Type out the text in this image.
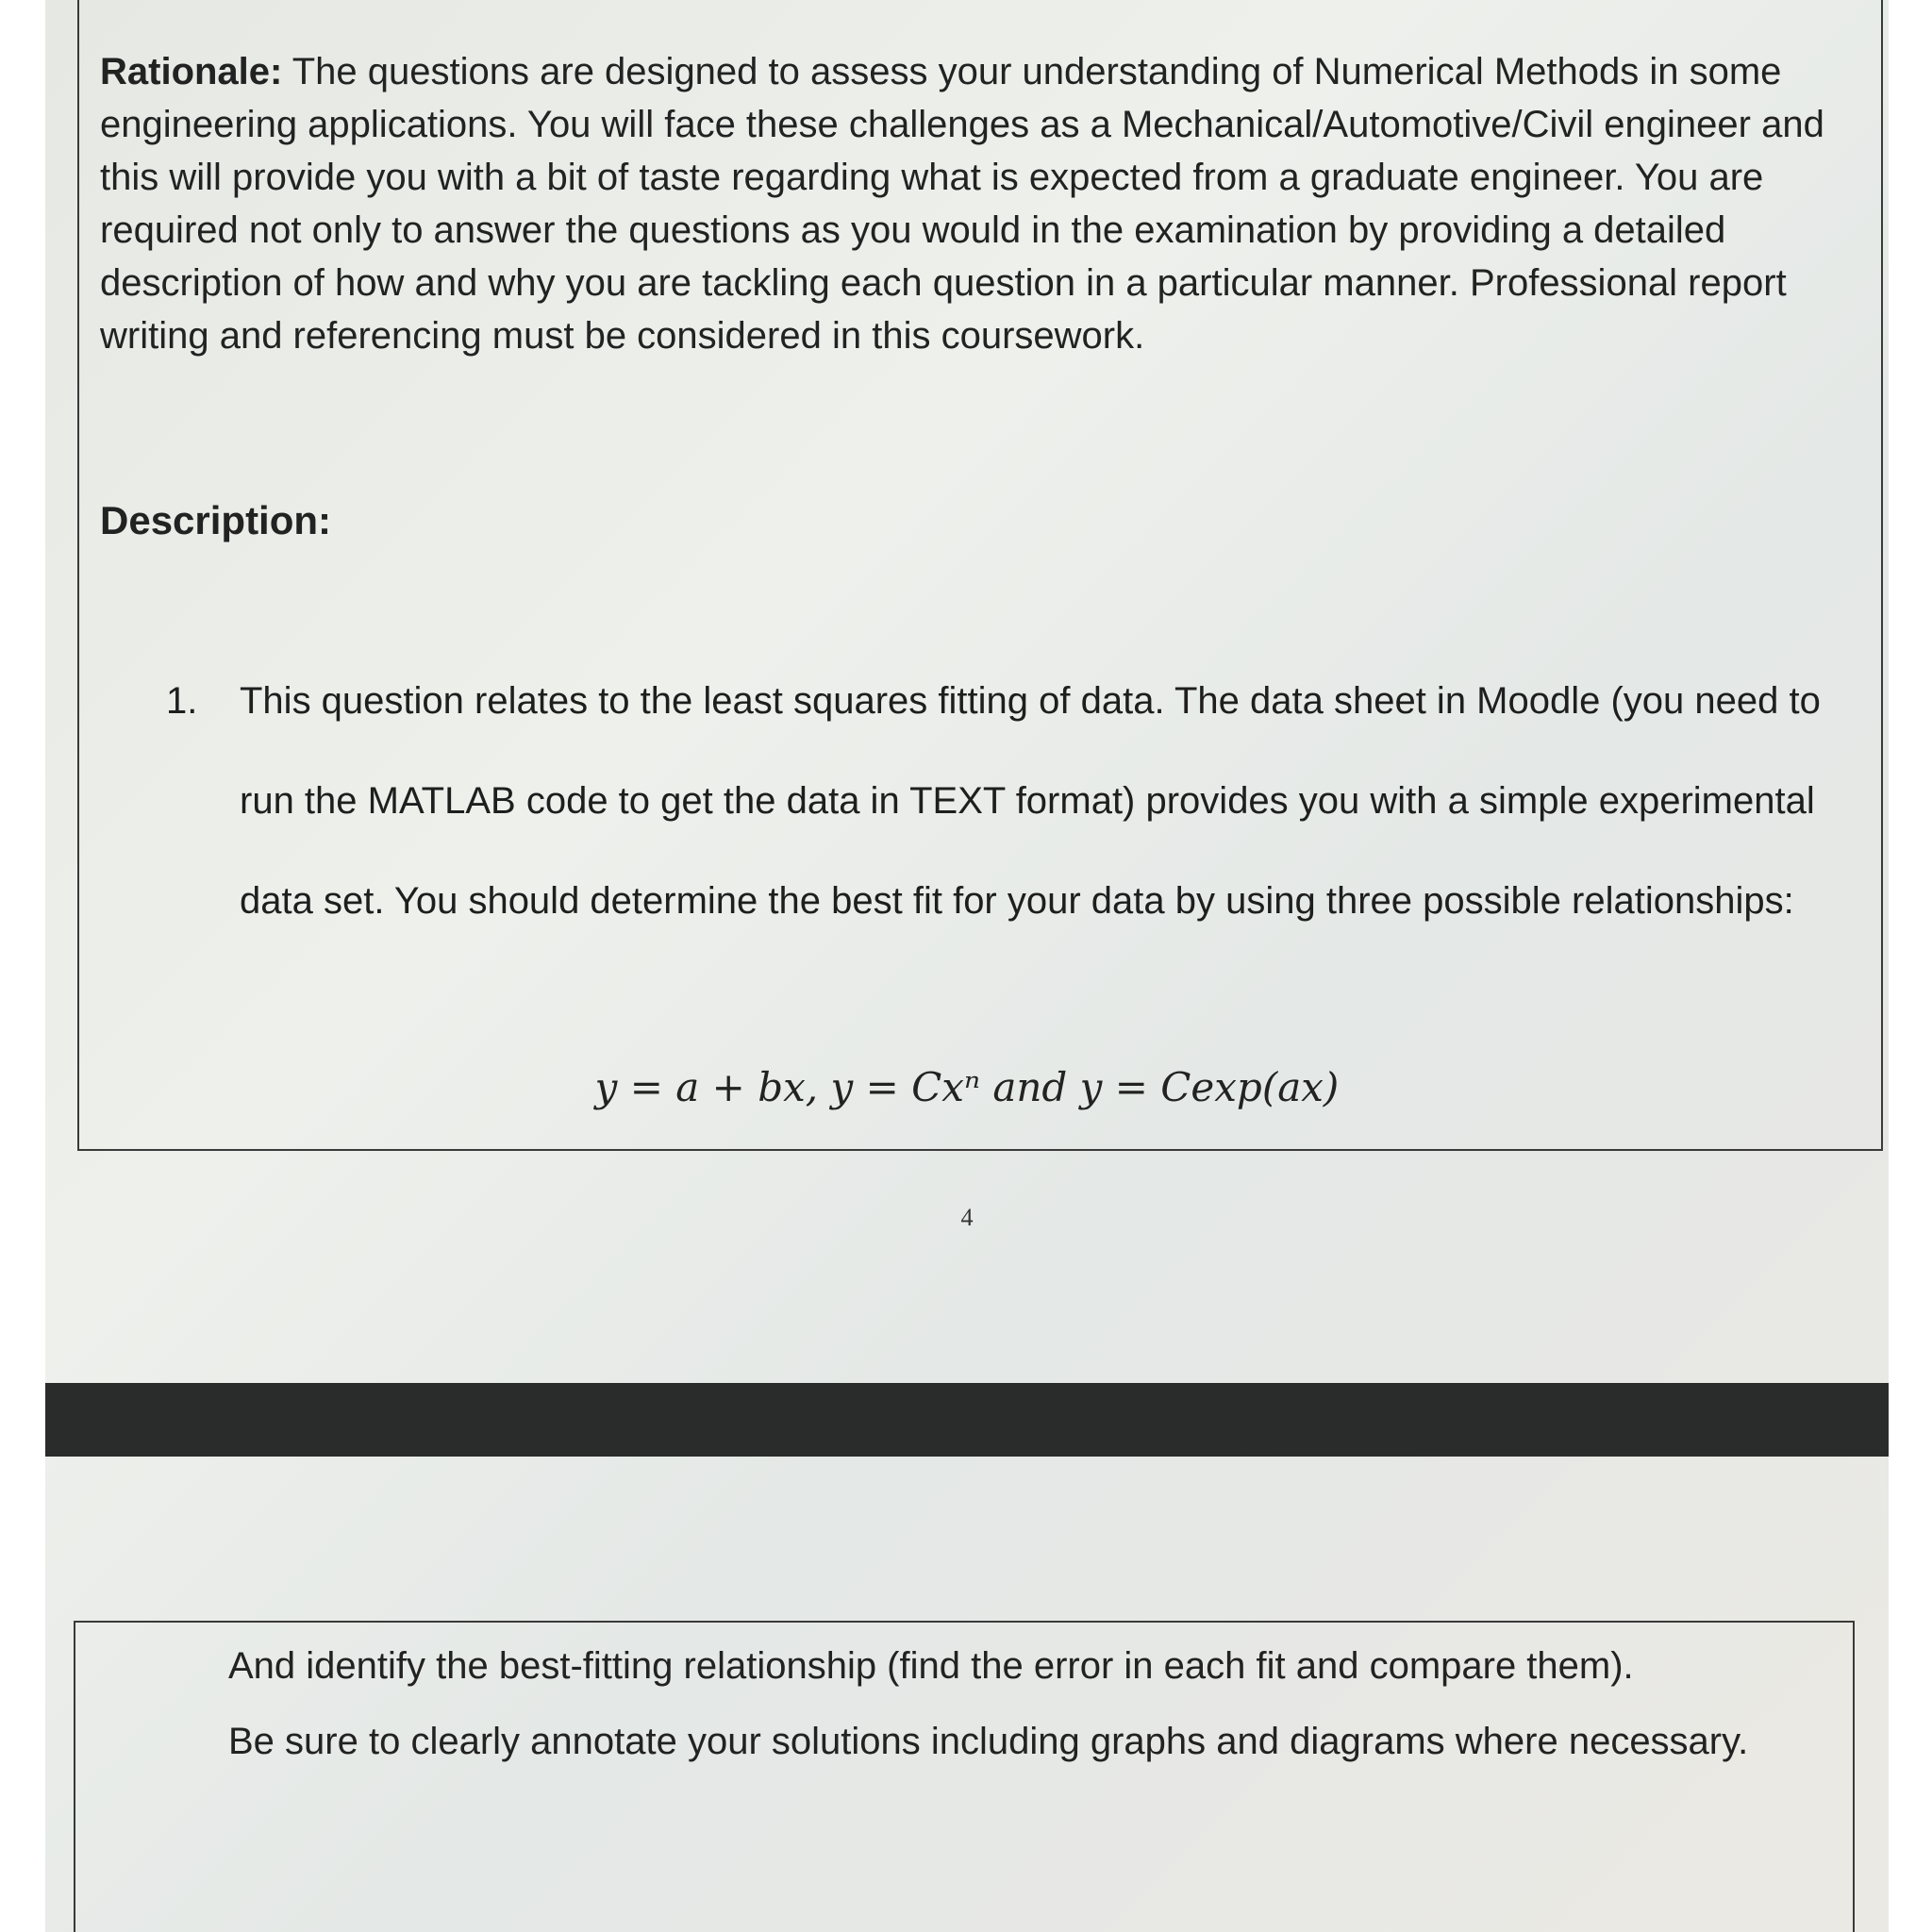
Rationale: The questions are designed to assess your understanding of Numerical Methods in some engineering applications. You will face these challenges as a Mechanical/Automotive/Civil engineer and this will provide you with a bit of taste regarding what is expected from a graduate engineer. You are required not only to answer the questions as you would in the examination by providing a detailed description of how and why you are tackling each question in a particular manner. Professional report writing and referencing must be considered in this coursework.
Description:
1. This question relates to the least squares fitting of data. The data sheet in Moodle (you need to run the MATLAB code to get the data in TEXT format) provides you with a simple experimental data set. You should determine the best fit for your data by using three possible relationships:
y = a + bx, y = Cxⁿ and y = Cexp(ax)
4
And identify the best-fitting relationship (find the error in each fit and compare them).
Be sure to clearly annotate your solutions including graphs and diagrams where necessary.
